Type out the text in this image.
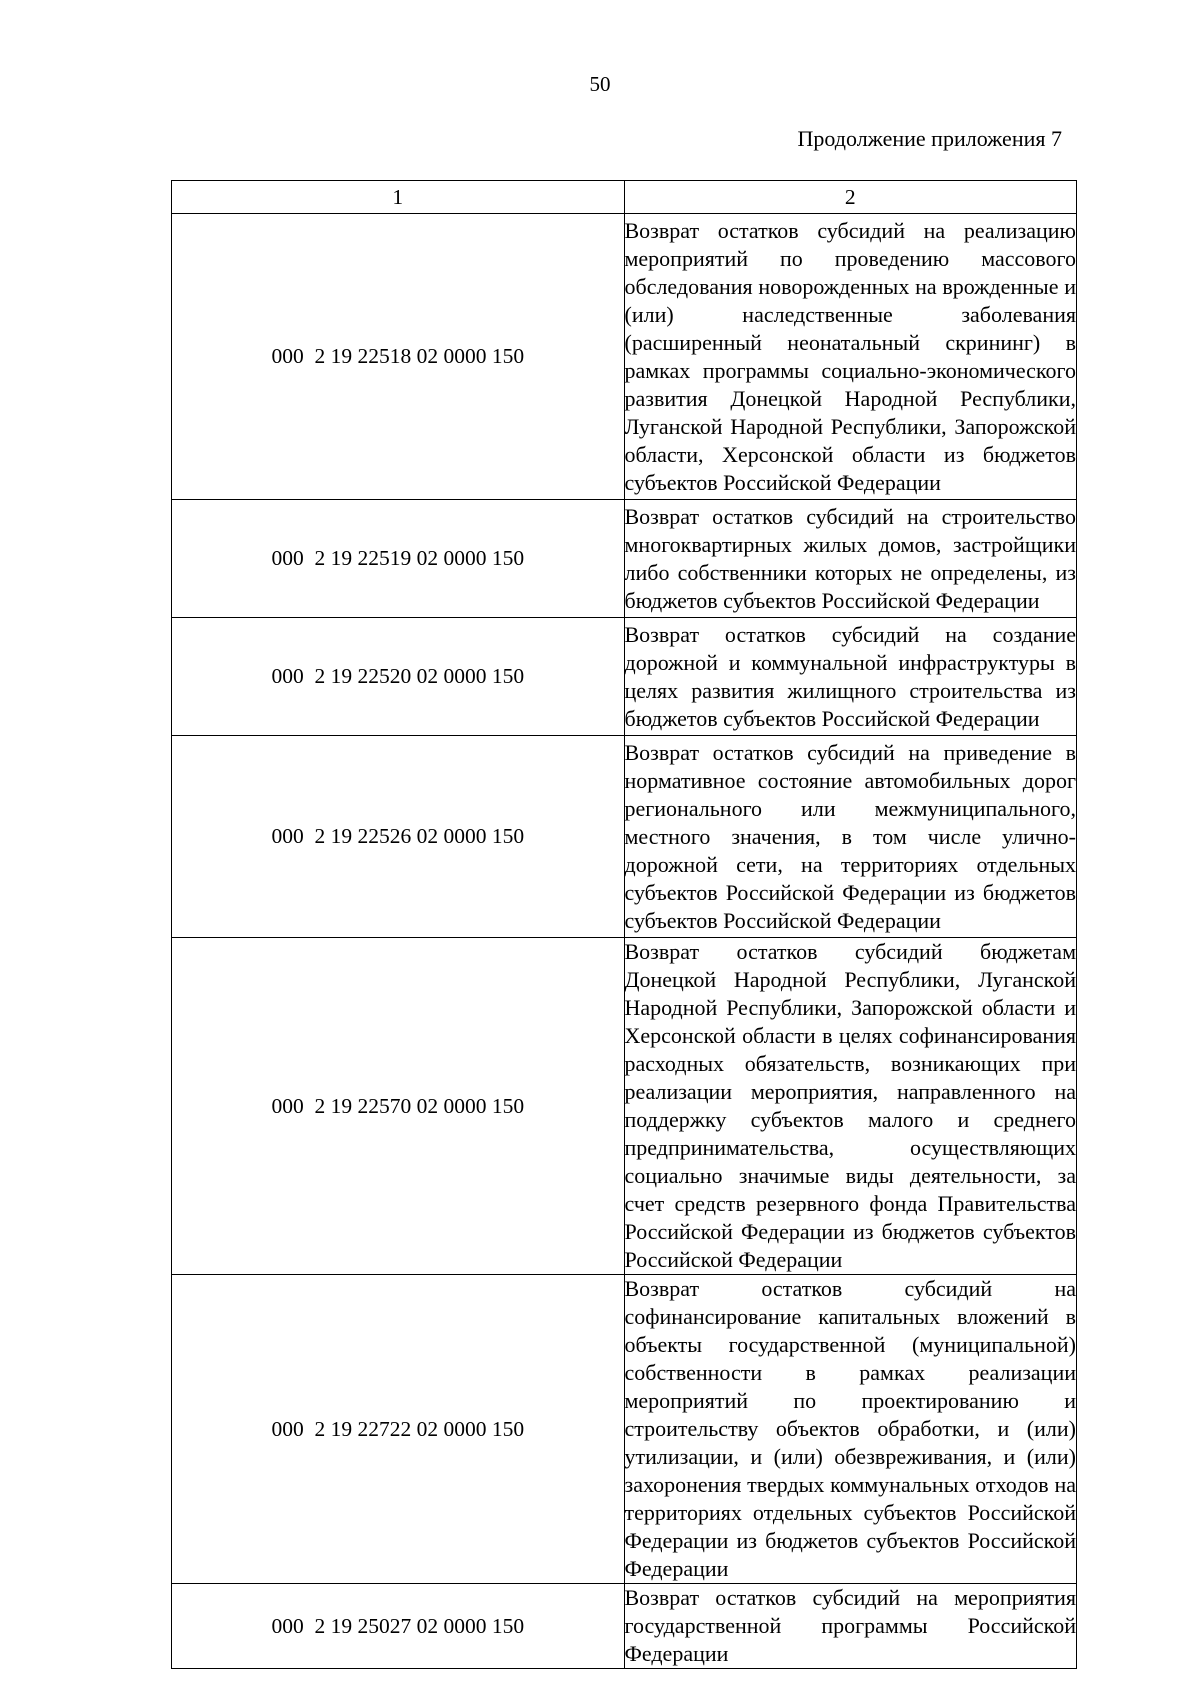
50
Продолжение приложения 7
1	2
000  2 19 22518 02 0000 150	Возврат остатков субсидий на реализацию мероприятий по проведению массового обследования новорожденных на врожденные и (или) наследственные заболевания (расширенный неонатальный скрининг) в рамках программы социально-экономического развития Донецкой Народной Республики, Луганской Народной Республики, Запорожской области, Херсонской области из бюджетов субъектов Российской Федерации
000  2 19 22519 02 0000 150	Возврат остатков субсидий на строительство многоквартирных жилых домов, застройщики либо собственники которых не определены, из бюджетов субъектов Российской Федерации
000  2 19 22520 02 0000 150	Возврат остатков субсидий на создание дорожной и коммунальной инфраструктуры в целях развития жилищного строительства из бюджетов субъектов Российской Федерации
000  2 19 22526 02 0000 150	Возврат остатков субсидий на приведение в нормативное состояние автомобильных дорог регионального или межмуниципального, местного значения, в том числе улично-дорожной сети, на территориях отдельных субъектов Российской Федерации из бюджетов субъектов Российской Федерации
000  2 19 22570 02 0000 150	Возврат остатков субсидий бюджетам Донецкой Народной Республики, Луганской Народной Республики, Запорожской области и Херсонской области в целях софинансирования расходных обязательств, возникающих при реализации мероприятия, направленного на поддержку субъектов малого и среднего предпринимательства, осуществляющих социально значимые виды деятельности, за счет средств резервного фонда Правительства Российской Федерации из бюджетов субъектов Российской Федерации
000  2 19 22722 02 0000 150	Возврат остатков субсидий на софинансирование капитальных вложений в объекты государственной (муниципальной) собственности в рамках реализации мероприятий по проектированию и строительству объектов обработки, и (или) утилизации, и (или) обезвреживания, и (или) захоронения твердых коммунальных отходов на территориях отдельных субъектов Российской Федерации из бюджетов субъектов Российской Федерации
000  2 19 25027 02 0000 150	Возврат остатков субсидий на мероприятия государственной программы Российской Федерации
